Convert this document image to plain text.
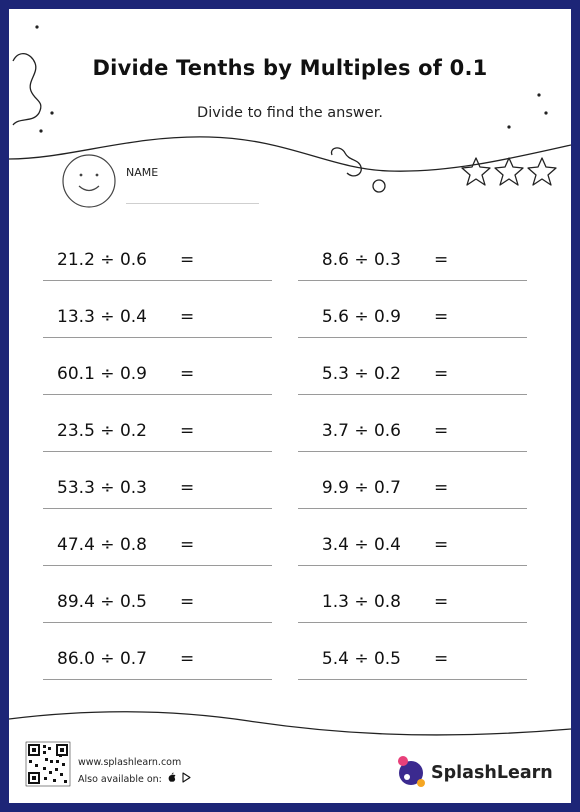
Divide Tenths by Multiples of 0.1
Divide to find the answer.
NAME
21.2 ÷ 0.6 =
13.3 ÷ 0.4 =
60.1 ÷ 0.9 =
23.5 ÷ 0.2 =
53.3 ÷ 0.3 =
47.4 ÷ 0.8 =
89.4 ÷ 0.5 =
86.0 ÷ 0.7 =
8.6 ÷ 0.3 =
5.6 ÷ 0.9 =
5.3 ÷ 0.2 =
3.7 ÷ 0.6 =
9.9 ÷ 0.7 =
3.4 ÷ 0.4 =
1.3 ÷ 0.8 =
5.4 ÷ 0.5 =
www.splashlearn.com
Also available on:	SplashLearn
